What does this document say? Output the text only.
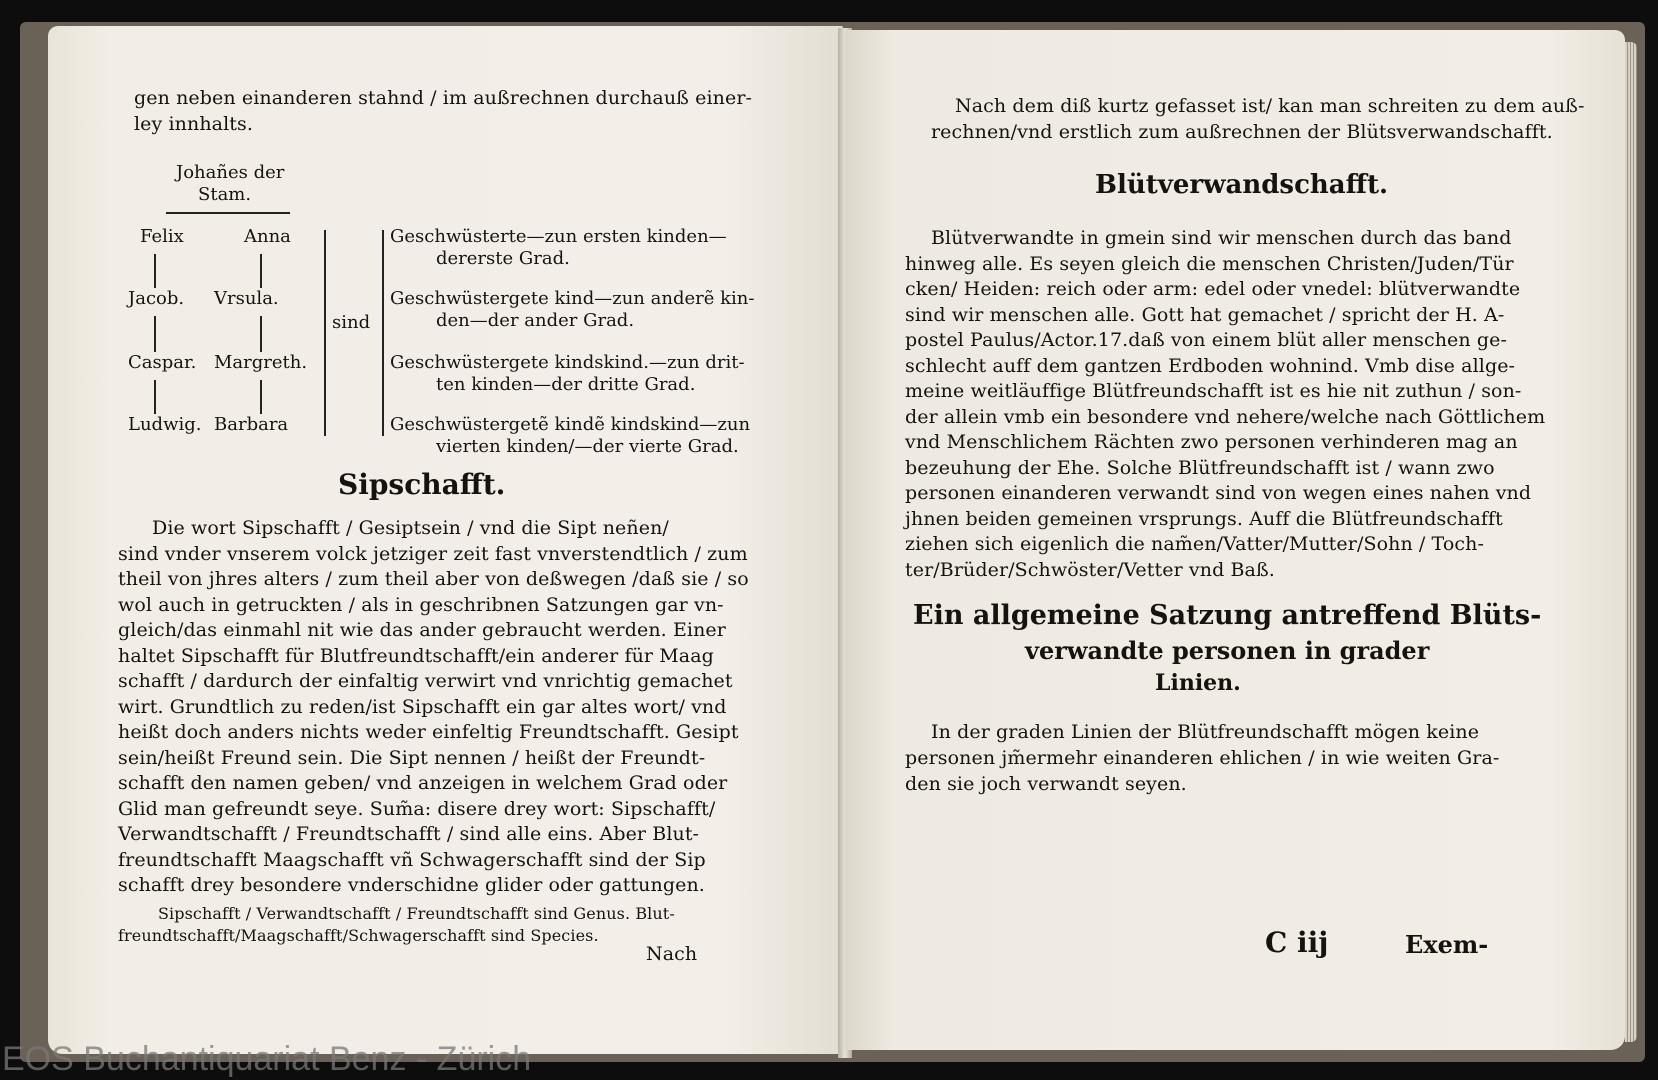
gen neben einanderen stahnd / im außrechnen durchauß einer-
ley innhalts.
Johañes der
Stam.
Felix
Jacob.
Caspar.
Ludwig.
Anna
Vrsula.
Margreth.
Barbara
sind
Geschwüsterte—zun ersten kinden—
dererste Grad.
Geschwüstergete kind—zun anderẽ kin-
den—der ander Grad.
Geschwüstergete kindskind.—zun drit-
ten kinden—der dritte Grad.
Geschwüstergetẽ kindẽ kindskind—zun
vierten kinden/—der vierte Grad.
Sipschafft.
Die wort Sipschafft / Gesiptsein / vnd die Sipt neñen/
sind vnder vnserem volck jetziger zeit fast vnverstendtlich / zum
theil von jhres alters / zum theil aber von deßwegen /daß sie / so
wol auch in getruckten / als in geschribnen Satzungen gar vn-
gleich/das einmahl nit wie das ander gebraucht werden. Einer
haltet Sipschafft für Blutfreundtschafft/ein anderer für Maag
schafft / dardurch der einfaltig verwirt vnd vnrichtig gemachet
wirt. Grundtlich zu reden/ist Sipschafft ein gar altes wort/ vnd
heißt doch anders nichts weder einfeltig Freundtschafft. Gesipt
sein/heißt Freund sein. Die Sipt nennen / heißt der Freundt-
schafft den namen geben/ vnd anzeigen in welchem Grad oder
Glid man gefreundt seye. Sum̃a: disere drey wort: Sipschafft/
Verwandtschafft / Freundtschafft / sind alle eins. Aber Blut-
freundtschafft Maagschafft vñ Schwagerschafft sind der Sip
schafft drey besondere vnderschidne glider oder gattungen.
Sipschafft / Verwandtschafft / Freundtschafft sind Genus. Blut-
freundtschafft/Maagschafft/Schwagerschafft sind Species.
Nach
Nach dem diß kurtz gefasset ist/ kan man schreiten zu dem auß-
rechnen/vnd erstlich zum außrechnen der Blütsverwandschafft.
Blütverwandschafft.
Blütverwandte in gmein sind wir menschen durch das band
hinweg alle. Es seyen gleich die menschen Christen/Juden/Tür
cken/ Heiden: reich oder arm: edel oder vnedel: blütverwandte
sind wir menschen alle. Gott hat gemachet / spricht der H. A-
postel Paulus/Actor.17.daß von einem blüt aller menschen ge-
schlecht auff dem gantzen Erdboden wohnind. Vmb dise allge-
meine weitläuffige Blütfreundschafft ist es hie nit zuthun / son-
der allein vmb ein besondere vnd nehere/welche nach Göttlichem
vnd Menschlichem Rächten zwo personen verhinderen mag an
bezeuhung der Ehe. Solche Blütfreundschafft ist / wann zwo
personen einanderen verwandt sind von wegen eines nahen vnd
jhnen beiden gemeinen vrsprungs. Auff die Blütfreundschafft
ziehen sich eigenlich die nam̃en/Vatter/Mutter/Sohn / Toch-
ter/Brüder/Schwöster/Vetter vnd Baß.
Ein allgemeine Satzung antreffend Blüts-
verwandte personen in grader
Linien.
In der graden Linien der Blütfreundschafft mögen keine
personen jm̃ermehr einanderen ehlichen / in wie weiten Gra-
den sie joch verwandt seyen.
C iij	Exem-
EOS Buchantiquariat Benz - Zürich
